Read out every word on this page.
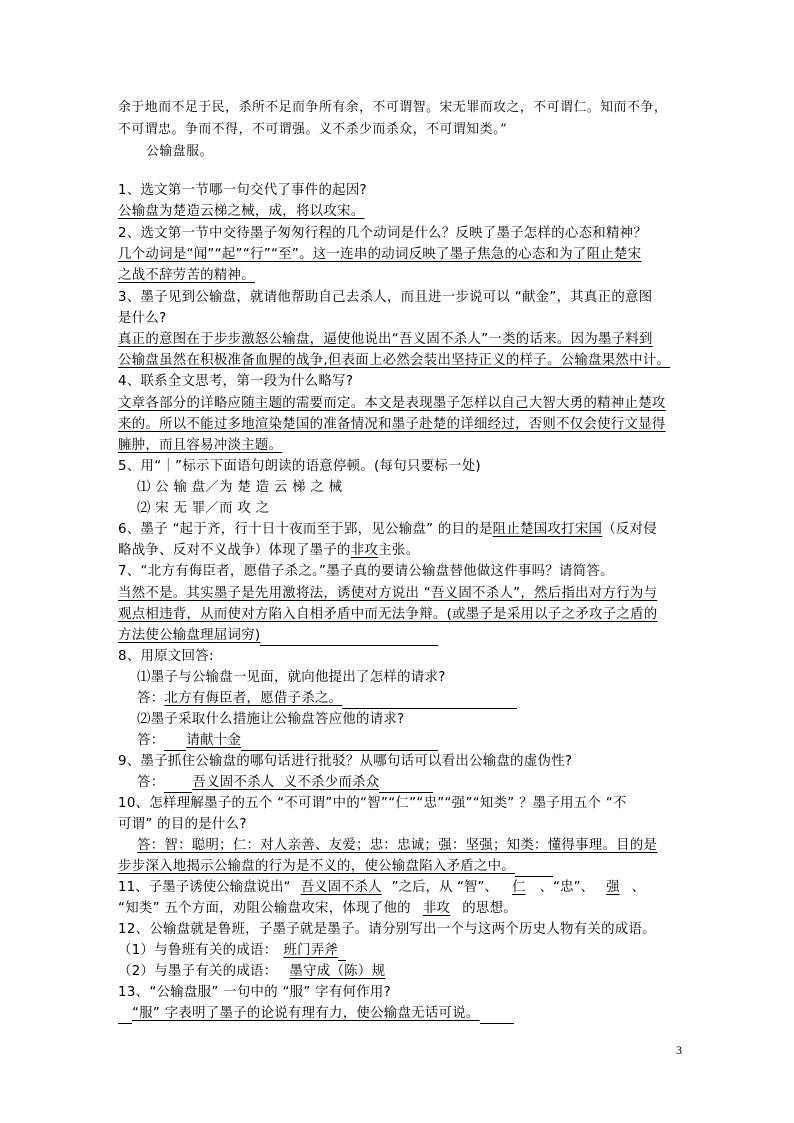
余于地而不足于民，杀所不足而争所有余，不可谓智。宋无罪而攻之，不可谓仁。知而不争，
不可谓忠。争而不得，不可谓强。义不杀少而杀众，不可谓知类。”
公输盘服。
1、选文第一节哪一句交代了事件的起因?
公输盘为楚造云梯之械，成，将以攻宋。
2、选文第一节中交待墨子匆匆行程的几个动词是什么？反映了墨子怎样的心态和精神？
几个动词是“闻”“起”“行”“至”。这一连串的动词反映了墨子焦急的心态和为了阻止楚宋
之战不辞劳苦的精神。
3、墨子见到公输盘，就请他帮助自己去杀人，而且进一步说可以 “献金”，其真正的意图
是什么?
真正的意图在于步步激怒公输盘，逼使他说出“吾义固不杀人”一类的话来。因为墨子料到
公输盘虽然在积极准备血腥的战争,但表面上必然会装出坚持正义的样子。公输盘果然中计。
4、联系全文思考，第一段为什么略写?
文章各部分的详略应随主题的需要而定。本文是表现墨子怎样以自己大智大勇的精神止楚攻
来的。所以不能过多地渲染楚国的准备情况和墨子赴楚的详细经过，否则不仅会使行文显得
臃肿，而且容易冲淡主题。
5、用“｜”标示下面语句朗读的语意停顿。(每句只要标一处)
⑴ 公 输 盘／为 楚 造 云 梯 之 械
⑵ 宋 无 罪／而 攻 之
6、墨子 “起于齐，行十日十夜而至于郢，见公输盘” 的目的是阻止楚国攻打宋国（反对侵
略战争、反对不义战争）体现了墨子的非攻主张。
7、“北方有侮臣者，愿借子杀之。”墨子真的要请公输盘替他做这件事吗？请简答。
当然不是。其实墨子是先用激将法，诱使对方说出 “吾义固不杀人”，然后指出对方行为与
观点相违背，从而使对方陷入自相矛盾中而无法争辩。(或墨子是采用以子之矛攻子之盾的
方法使公输盘理屈词穷)
8、用原文回答:
⑴墨子与公输盘一见面，就向他提出了怎样的请求?
答：北方有侮臣者，愿借子杀之。
⑵墨子采取什么措施让公输盘答应他的请求?
答： 请献十金
9、墨子抓住公输盘的哪句话进行批驳？从哪句话可以看出公输盘的虚伪性?
答： 吾义固不杀人  义不杀少而杀众
10、怎样理解墨子的五个 “不可谓”中的“智”“仁”“忠”“强”“知类” ？墨子用五个 “不
可谓” 的目的是什么?
答：智：聪明；仁：对人亲善、友爱；忠：忠诚；强：坚强；知类：懂得事理。目的是
步步深入地揭示公输盘的行为是不义的，使公输盘陷入矛盾之中。
11、子墨子诱使公输盘说出“ 吾义固不杀人 ”之后，从 “智”、 仁 、“忠”、 强 、
“知类” 五个方面，劝阻公输盘攻宋，体现了他的 非攻 的思想。
12、公输盘就是鲁班，子墨子就是墨子。请分别写出一个与这两个历史人物有关的成语。
（1）与鲁班有关的成语： 班门弄斧
（2）与墨子有关的成语： 墨守成（陈）规
13、“公输盘服” 一句中的 “服” 字有何作用?
“服” 字表明了墨子的论说有理有力，使公输盘无话可说。
3
